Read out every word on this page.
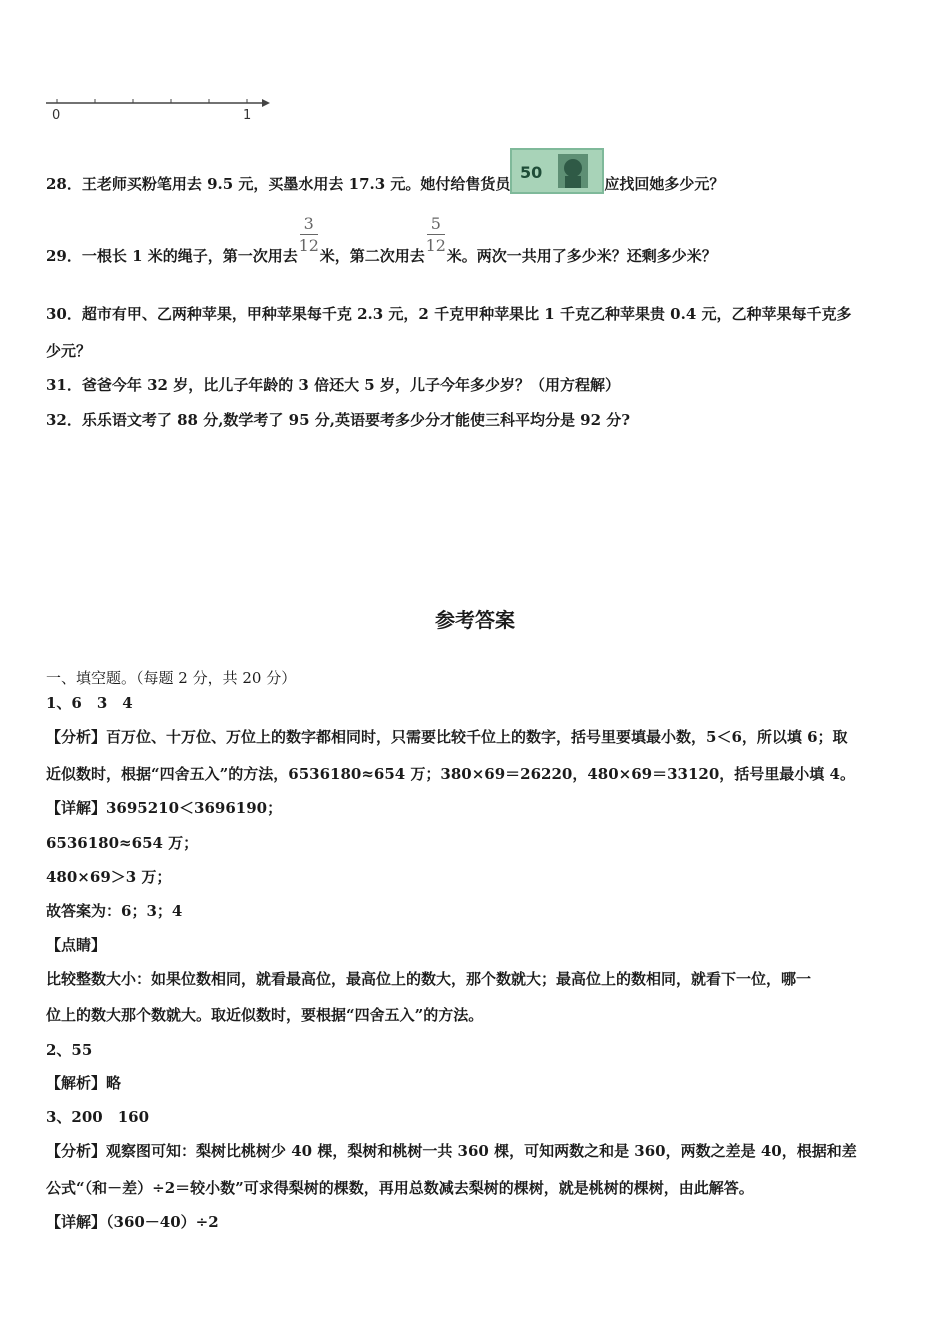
0	1
28．王老师买粉笔用去 9.5 元，买墨水用去 17.3 元。她付给售货员
50
应找回她多少元？
29．一根长 1 米的绳子，第一次用去 $\frac{3}{12}$ 米，第二次用去 $\frac{5}{12}$ 米。两次一共用了多少米？还剩多少米？
30．超市有甲、乙两种苹果，甲种苹果每千克 2.3 元，2 千克甲种苹果比 1 千克乙种苹果贵 0.4 元，乙种苹果每千克多
少元？
31．爸爸今年 32 岁，比儿子年龄的 3 倍还大 5 岁，儿子今年多少岁？（用方程解）
32．乐乐语文考了 88 分,数学考了 95 分,英语要考多少分才能使三科平均分是 92 分?
参考答案
一、填空题。（每题 2 分，共 20 分）
1、6　3　4
【分析】百万位、十万位、万位上的数字都相同时，只需要比较千位上的数字，括号里要填最小数，5＜6，所以填 6；取
近似数时，根据“四舍五入”的方法，6536180≈654 万；380×69＝26220，480×69＝33120，括号里最小填 4。
【详解】3695210＜3696190；
6536180≈654 万；
480×69＞3 万；
故答案为：6；3；4
【点睛】
比较整数大小：如果位数相同，就看最高位，最高位上的数大，那个数就大；最高位上的数相同，就看下一位，哪一
位上的数大那个数就大。取近似数时，要根据“四舍五入”的方法。
2、55
【解析】略
3、200　160
【分析】观察图可知：梨树比桃树少 40 棵，梨树和桃树一共 360 棵，可知两数之和是 360，两数之差是 40，根据和差
公式“（和－差）÷2＝较小数”可求得梨树的棵数，再用总数减去梨树的棵树，就是桃树的棵树，由此解答。
【详解】（360－40）÷2
